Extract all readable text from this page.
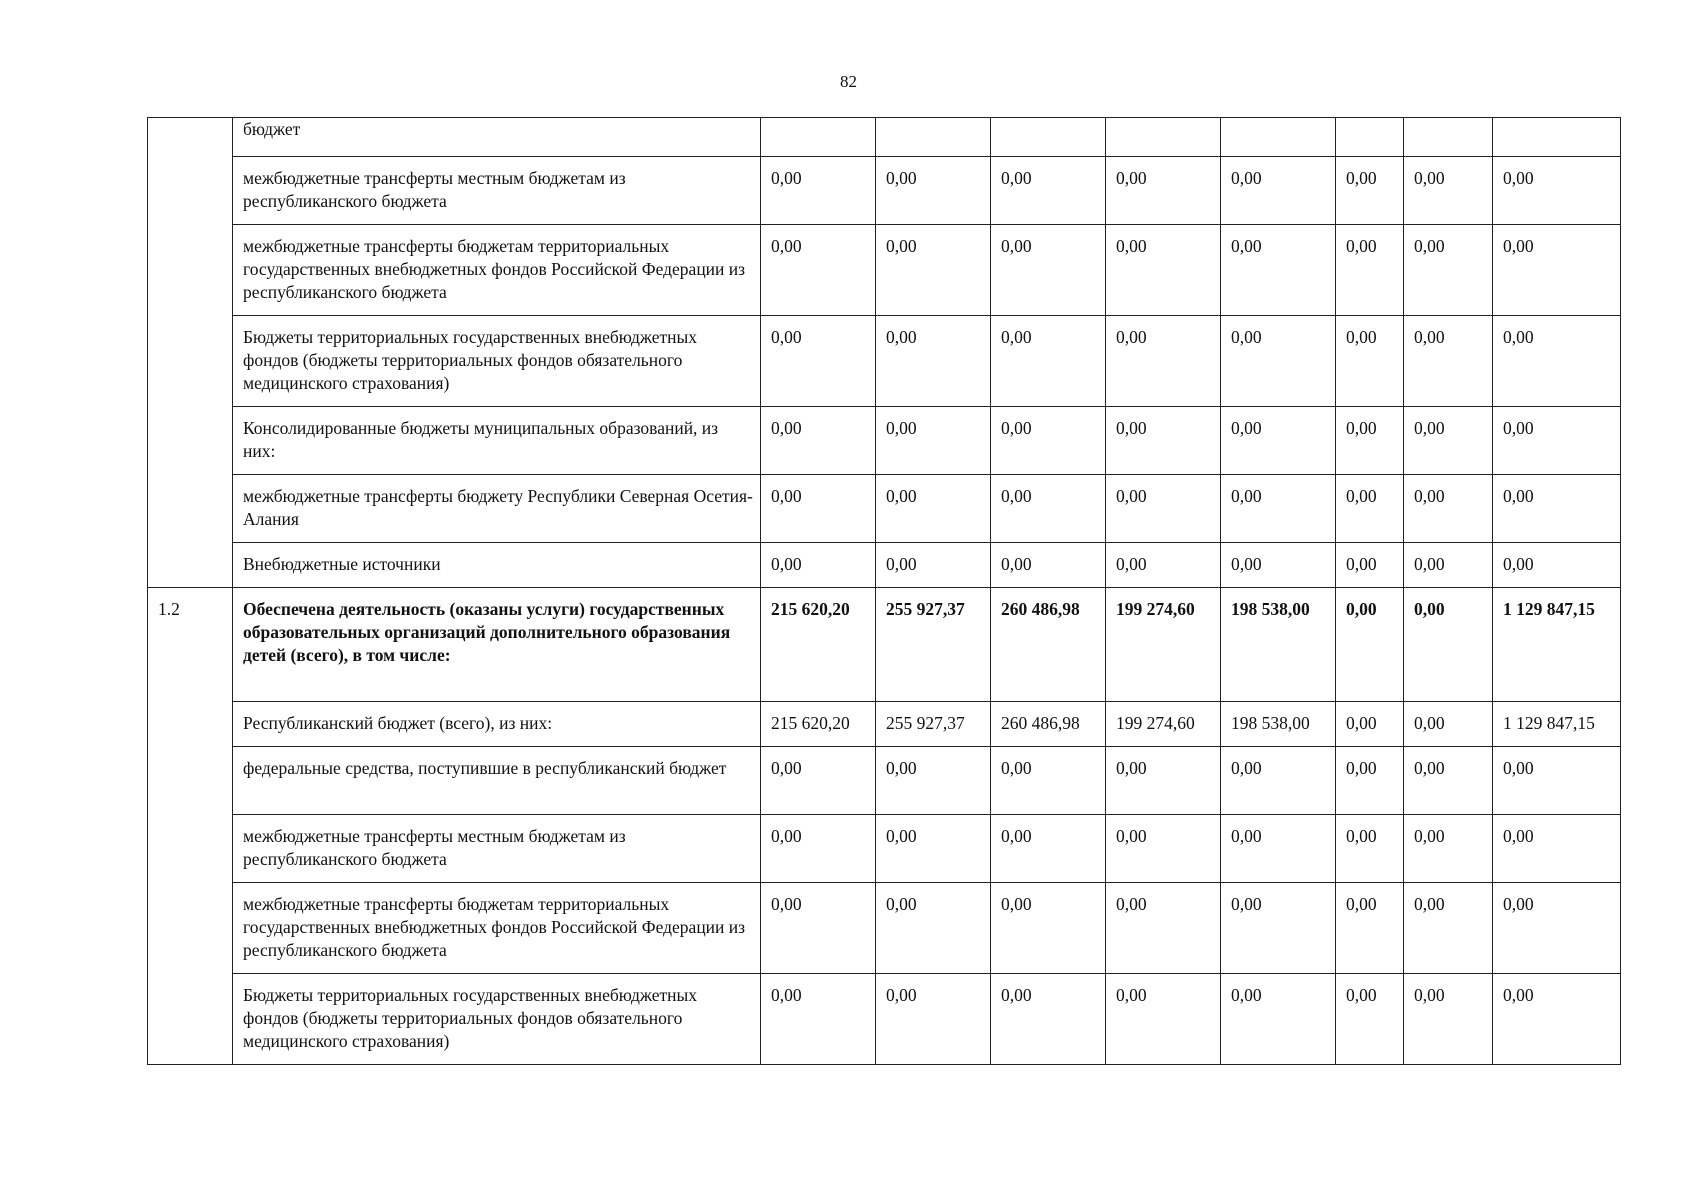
82
	бюджет								
	межбюджетные трансферты местным бюджетам из республиканского бюджета	0,00	0,00	0,00	0,00	0,00	0,00	0,00	0,00
	межбюджетные трансферты бюджетам территориальных государственных внебюджетных фондов Российской Федерации из республиканского бюджета	0,00	0,00	0,00	0,00	0,00	0,00	0,00	0,00
	Бюджеты территориальных государственных внебюджетных фондов (бюджеты территориальных фондов обязательного медицинского страхования)	0,00	0,00	0,00	0,00	0,00	0,00	0,00	0,00
	Консолидированные бюджеты муниципальных образований, из них:	0,00	0,00	0,00	0,00	0,00	0,00	0,00	0,00
	межбюджетные трансферты бюджету Республики Северная Осетия-Алания	0,00	0,00	0,00	0,00	0,00	0,00	0,00	0,00
	Внебюджетные источники	0,00	0,00	0,00	0,00	0,00	0,00	0,00	0,00
1.2	Обеспечена деятельность (оказаны услуги) государственных образовательных организаций дополнительного образования детей (всего), в том числе:	215 620,20	255 927,37	260 486,98	199 274,60	198 538,00	0,00	0,00	1 129 847,15
	Республиканский бюджет (всего), из них:	215 620,20	255 927,37	260 486,98	199 274,60	198 538,00	0,00	0,00	1 129 847,15
	федеральные средства, поступившие в республиканский бюджет	0,00	0,00	0,00	0,00	0,00	0,00	0,00	0,00
	межбюджетные трансферты местным бюджетам из республиканского бюджета	0,00	0,00	0,00	0,00	0,00	0,00	0,00	0,00
	межбюджетные трансферты бюджетам территориальных государственных внебюджетных фондов Российской Федерации из республиканского бюджета	0,00	0,00	0,00	0,00	0,00	0,00	0,00	0,00
	Бюджеты территориальных государственных внебюджетных фондов (бюджеты территориальных фондов обязательного медицинского страхования)	0,00	0,00	0,00	0,00	0,00	0,00	0,00	0,00
